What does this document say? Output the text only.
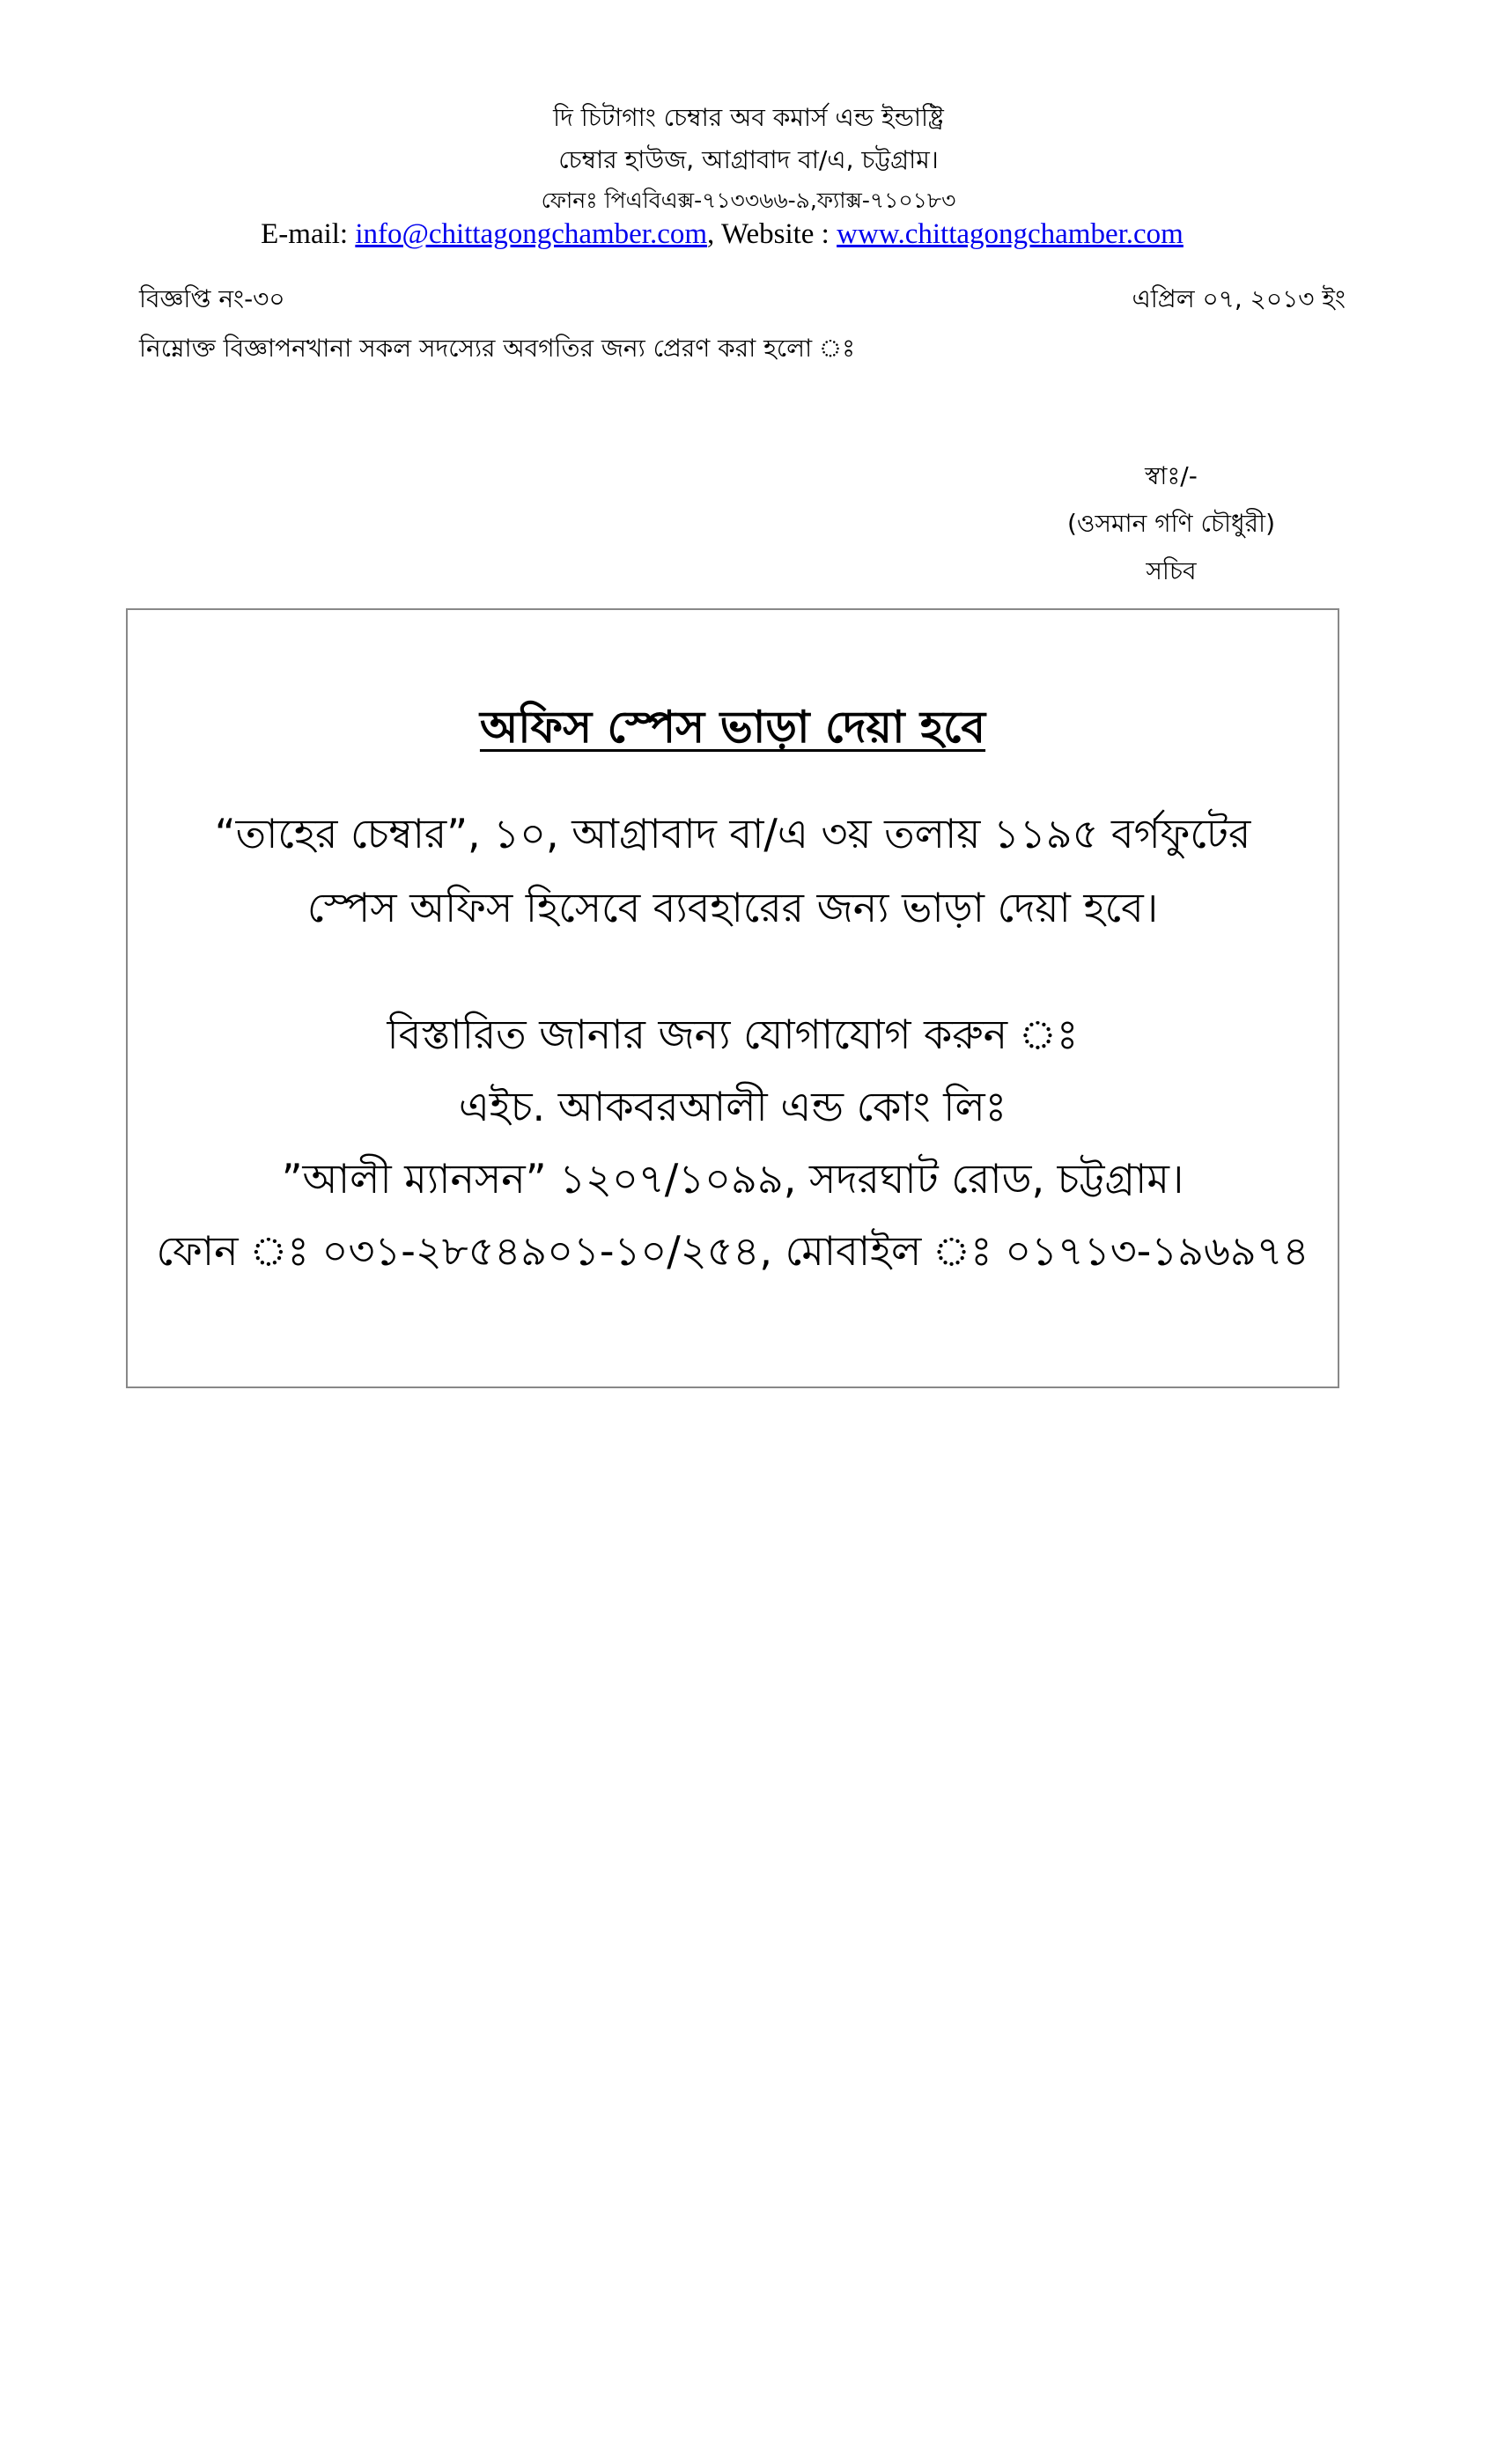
দি চিটাগাং চেম্বার অব কমার্স এন্ড ইন্ডাষ্ট্রি
চেম্বার হাউজ, আগ্রাবাদ বা/এ, চট্টগ্রাম।
ফোনঃ পিএবিএক্স-৭১৩৩৬৬-৯,ফ্যাক্স-৭১০১৮৩
E-mail: info@chittagongchamber.com, Website : www.chittagongchamber.com
বিজ্ঞপ্তি নং-৩০	এপ্রিল ০৭, ২০১৩ ইং
নিম্নোক্ত বিজ্ঞাপনখানা সকল সদস্যের অবগতির জন্য প্রেরণ করা হলো ঃ
স্বাঃ/-
(ওসমান গণি চৌধুরী)
সচিব
অফিস স্পেস ভাড়া দেয়া হবে
“তাহের চেম্বার”, ১০, আগ্রাবাদ বা/এ ৩য় তলায় ১১৯৫ বর্গফুটের
স্পেস অফিস হিসেবে ব্যবহারের জন্য ভাড়া দেয়া হবে।
বিস্তারিত জানার জন্য যোগাযোগ করুন ঃ
এইচ. আকবরআলী এন্ড কোং লিঃ
”আলী ম্যানসন” ১২০৭/১০৯৯, সদরঘাট রোড, চট্টগ্রাম।
ফোন ঃ ০৩১-২৮৫৪৯০১-১০/২৫৪, মোবাইল ঃ ০১৭১৩-১৯৬৯৭৪
